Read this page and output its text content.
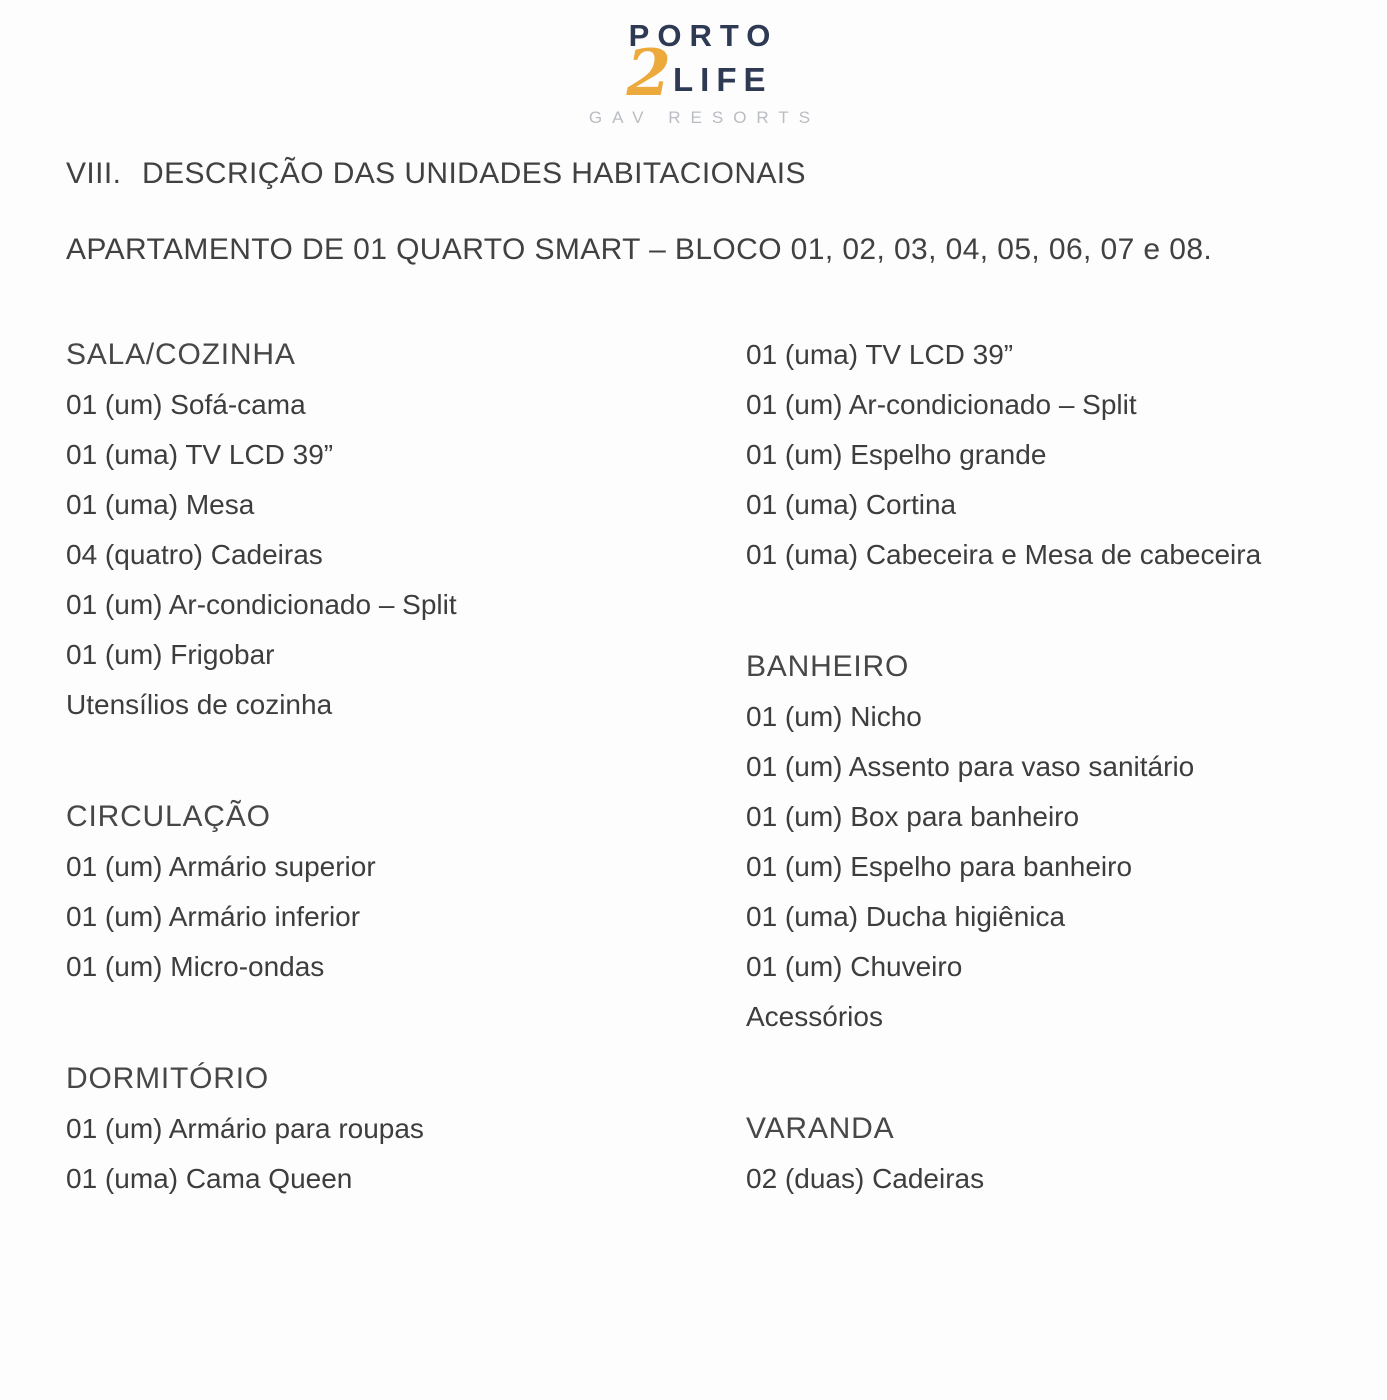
PORTO
2 LIFE
GAV RESORTS
VIII. DESCRIÇÃO DAS UNIDADES HABITACIONAIS
APARTAMENTO DE 01 QUARTO SMART – BLOCO 01, 02, 03, 04, 05, 06, 07 e 08.
SALA/COZINHA
01 (um) Sofá-cama
01 (uma) TV LCD 39”
01 (uma) Mesa
04 (quatro) Cadeiras
01 (um) Ar-condicionado – Split
01 (um) Frigobar
Utensílios de cozinha
CIRCULAÇÃO
01 (um) Armário superior
01 (um) Armário inferior
01 (um) Micro-ondas
DORMITÓRIO
01 (um) Armário para roupas
01 (uma) Cama Queen
01 (uma) TV LCD 39”
01 (um) Ar-condicionado – Split
01 (um) Espelho grande
01 (uma) Cortina
01 (uma) Cabeceira e Mesa de cabeceira
BANHEIRO
01 (um) Nicho
01 (um) Assento para vaso sanitário
01 (um) Box para banheiro
01 (um) Espelho para banheiro
01 (uma) Ducha higiênica
01 (um) Chuveiro
Acessórios
VARANDA
02 (duas) Cadeiras
